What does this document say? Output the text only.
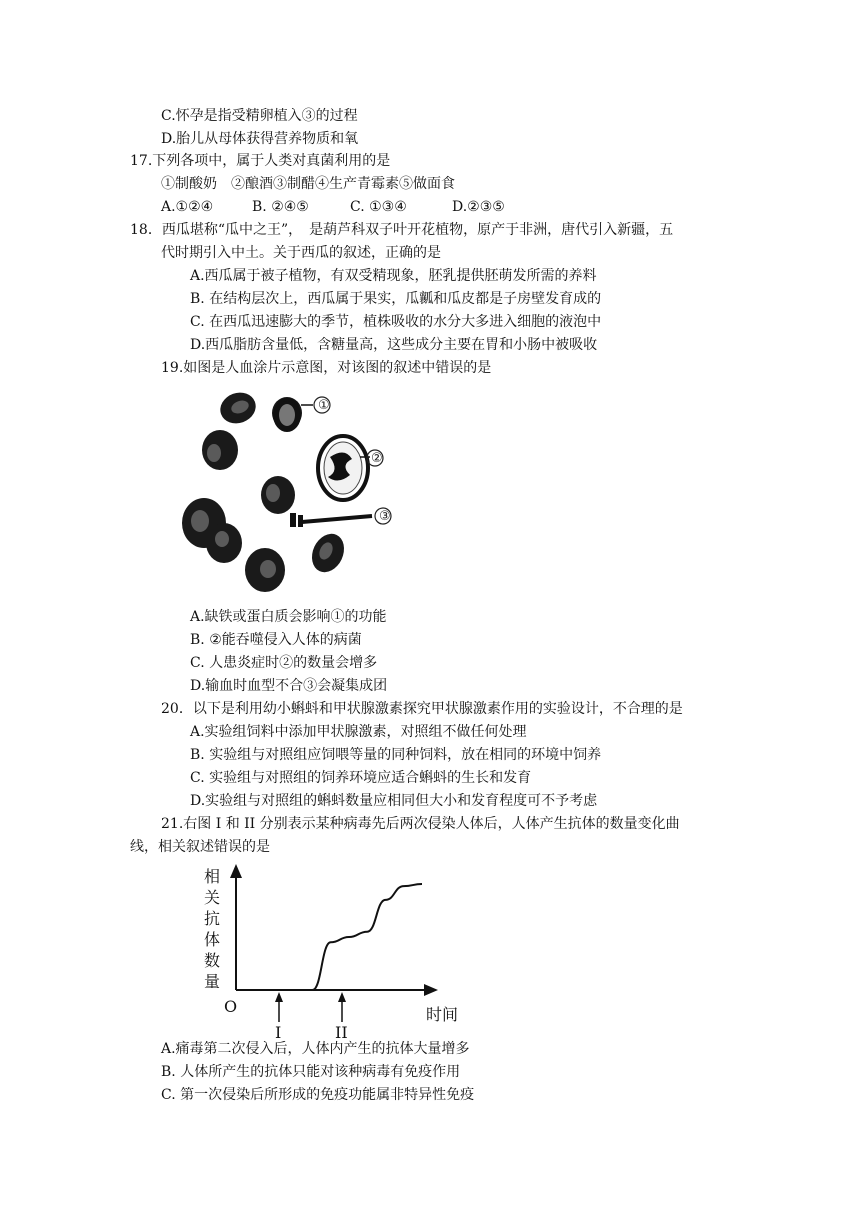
C.怀孕是指受精卵植入③的过程
D.胎儿从母体获得营养物质和氧
17.下列各项中，属于人类对真菌利用的是
①制酸奶　②酿酒③制醋④生产青霉素⑤做面食
A.①②④	B. ②④⑤	C. ①③④	D.②③⑤
18．西瓜堪称“瓜中之王”，　是葫芦科双子叶开花植物，原产于非洲，唐代引入新疆，五
代时期引入中土。关于西瓜的叙述，正确的是
A.西瓜属于被子植物，有双受精现象，胚乳提供胚萌发所需的养料
B. 在结构层次上，西瓜属于果实，瓜瓤和瓜皮都是子房壁发育成的
C. 在西瓜迅速膨大的季节，植株吸收的水分大多进入细胞的液泡中
D.西瓜脂肪含量低，含糖量高，这些成分主要在胃和小肠中被吸收
19.如图是人血涂片示意图，对该图的叙述中错误的是
①
②
③
A.缺铁或蛋白质会影响①的功能
B. ②能吞噬侵入人体的病菌
C. 人患炎症时②的数量会增多
D.输血时血型不合③会凝集成团
20．以下是利用幼小蝌蚪和甲状腺激素探究甲状腺激素作用的实验设计，不合理的是
A.实验组饲料中添加甲状腺激素，对照组不做任何处理
B. 实验组与对照组应饲喂等量的同种饲料，放在相同的环境中饲养
C. 实验组与对照组的饲养环境应适合蝌蚪的生长和发育
D.实验组与对照组的蝌蚪数量应相同但大小和发育程度可不予考虑
21.右图 I 和 II 分别表示某种病毒先后两次侵染人体后，人体产生抗体的数量变化曲
线，相关叙述错误的是
相
关
抗
体
数
量
O	时间
I	II
A.痛毒第二次侵入后，人体内产生的抗体大量增多
B. 人体所产生的抗体只能对该种病毒有免疫作用
C. 第一次侵染后所形成的免疫功能属非特异性免疫
